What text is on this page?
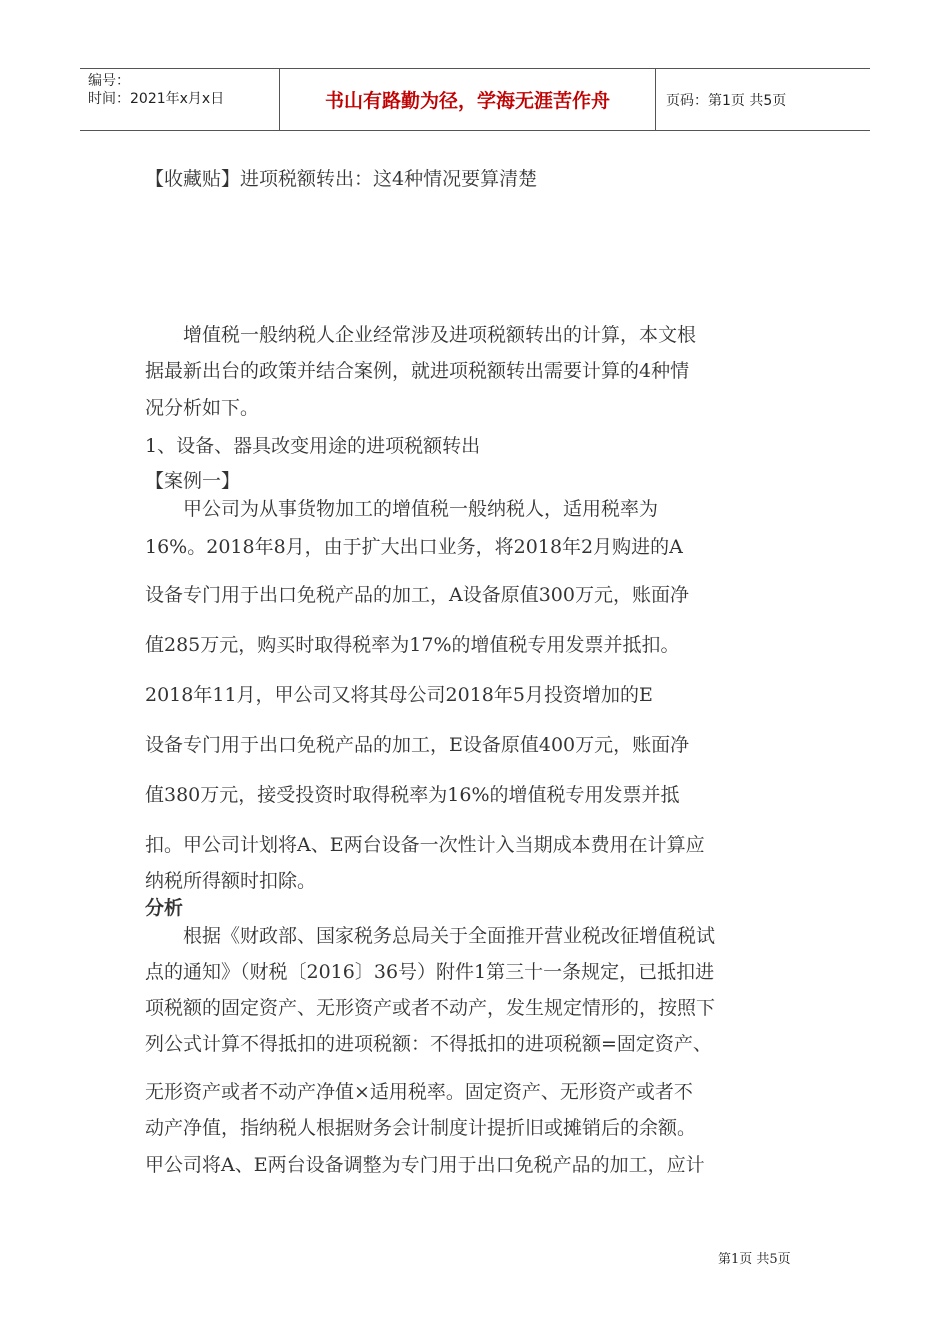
编号：
时间：2021年x月x日	书山有路勤为径，学海无涯苦作舟	页码：第1页 共5页
【收藏贴】进项税额转出：这4种情况要算清楚
增值税一般纳税人企业经常涉及进项税额转出的计算，本文根
据最新出台的政策并结合案例，就进项税额转出需要计算的4种情
况分析如下。
1、设备、器具改变用途的进项税额转出
【案例一】
甲公司为从事货物加工的增值税一般纳税人，适用税率为
16%。2018年8月，由于扩大出口业务，将2018年2月购进的A
设备专门用于出口免税产品的加工，A设备原值300万元，账面净
值285万元，购买时取得税率为17%的增值税专用发票并抵扣。
2018年11月，甲公司又将其母公司2018年5月投资增加的E
设备专门用于出口免税产品的加工，E设备原值400万元，账面净
值380万元，接受投资时取得税率为16%的增值税专用发票并抵
扣。甲公司计划将A、E两台设备一次性计入当期成本费用在计算应
纳税所得额时扣除。
分析
根据《财政部、国家税务总局关于全面推开营业税改征增值税试
点的通知》（财税〔2016〕36号）附件1第三十一条规定，已抵扣进
项税额的固定资产、无形资产或者不动产，发生规定情形的，按照下
列公式计算不得抵扣的进项税额：不得抵扣的进项税额=固定资产、
无形资产或者不动产净值×适用税率。固定资产、无形资产或者不
动产净值，指纳税人根据财务会计制度计提折旧或摊销后的余额。
甲公司将A、E两台设备调整为专门用于出口免税产品的加工，应计
第1页 共5页
